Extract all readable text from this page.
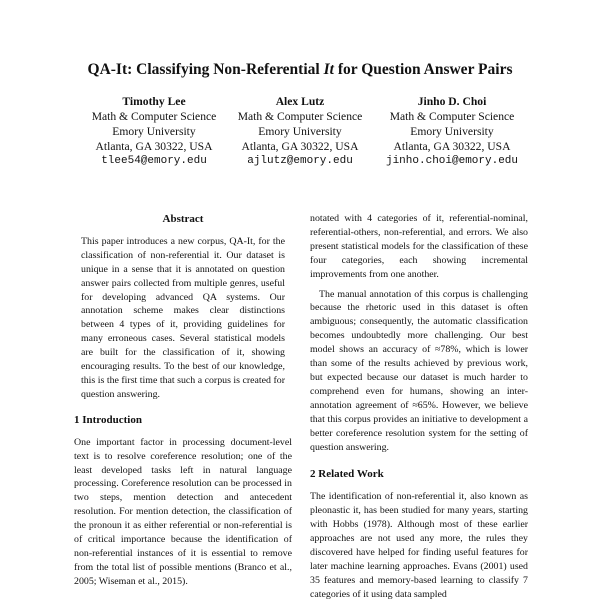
QA-It: Classifying Non-Referential It for Question Answer Pairs
Timothy Lee
Math & Computer Science
Emory University
Atlanta, GA 30322, USA
tlee54@emory.edu
Alex Lutz
Math & Computer Science
Emory University
Atlanta, GA 30322, USA
ajlutz@emory.edu
Jinho D. Choi
Math & Computer Science
Emory University
Atlanta, GA 30322, USA
jinho.choi@emory.edu
Abstract

This paper introduces a new corpus, QA-It, for the classification of non-referential it. Our dataset is unique in a sense that it is annotated on question answer pairs collected from multiple genres, useful for developing advanced QA systems. Our annotation scheme makes clear distinctions between 4 types of it, providing guidelines for many erroneous cases. Several statistical models are built for the classification of it, showing encouraging results. To the best of our knowledge, this is the first time that such a corpus is created for question answering.

1 Introduction

One important factor in processing document-level text is to resolve coreference resolution; one of the least developed tasks left in natural language processing. Coreference resolution can be processed in two steps, mention detection and antecedent resolution. For mention detection, the classification of the pronoun it as either referential or non-referential is of critical importance because the identification of non-referential instances of it is essential to remove from the total list of possible mentions (Branco et al., 2005; Wiseman et al., 2015).

notated with 4 categories of it, referential-nominal, referential-others, non-referential, and errors. We also present statistical models for the classification of these four categories, each showing incremental improvements from one another.

The manual annotation of this corpus is challenging because the rhetoric used in this dataset is often ambiguous; consequently, the automatic classification becomes undoubtedly more challenging. Our best model shows an accuracy of ≈78%, which is lower than some of the results achieved by previous work, but expected because our dataset is much harder to comprehend even for humans, showing an inter-annotation agreement of ≈65%. However, we believe that this corpus provides an initiative to development a better coreference resolution system for the setting of question answering.

2 Related Work

The identification of non-referential it, also known as pleonastic it, has been studied for many years, starting with Hobbs (1978). Although most of these earlier approaches are not used any more, the rules they discovered have helped for finding useful features for later machine learning approaches. Evans (2001) used 35 features and memory-based learning to classify 7 categories of it using data sampled
